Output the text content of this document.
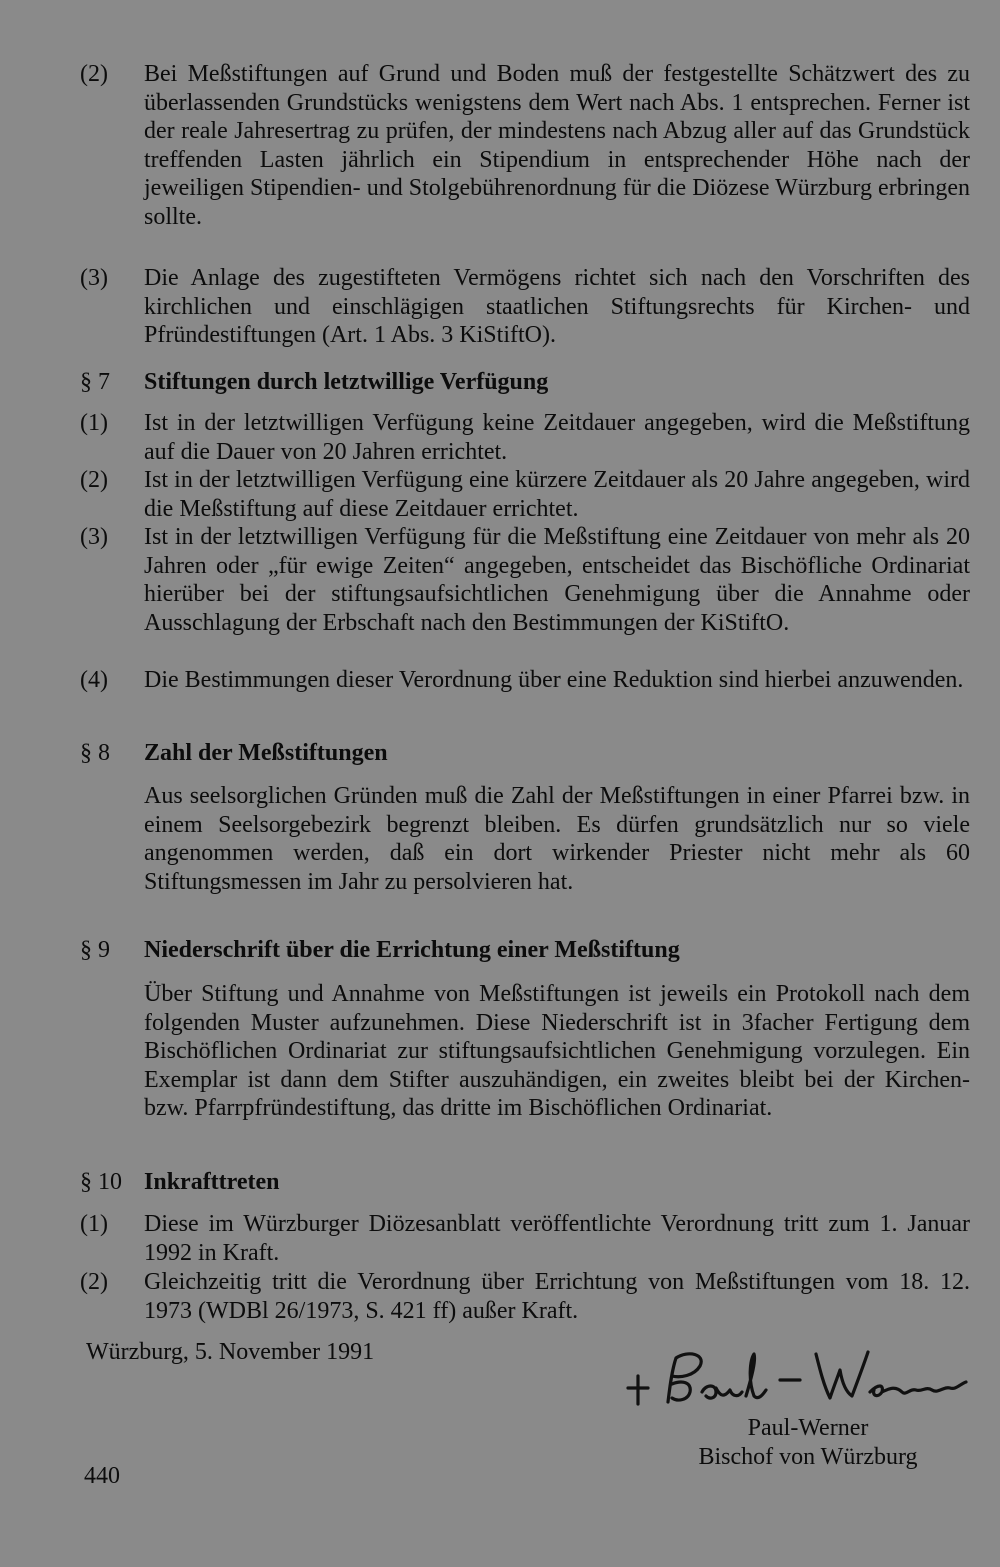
(2)	Bei Meßstiftungen auf Grund und Boden muß der festgestellte Schätzwert des zu überlassenden Grundstücks wenigstens dem Wert nach Abs. 1 entsprechen. Ferner ist der reale Jahresertrag zu prüfen, der mindestens nach Abzug aller auf das Grundstück treffenden Lasten jährlich ein Stipendium in entsprechender Höhe nach der jeweiligen Stipendien- und Stolgebührenordnung für die Diözese Würzburg erbringen sollte.
(3)	Die Anlage des zugestifteten Vermögens richtet sich nach den Vorschriften des kirchlichen und einschlägigen staatlichen Stiftungsrechts für Kirchen- und Pfründestiftungen (Art. 1 Abs. 3 KiStiftO).
§ 7	Stiftungen durch letztwillige Verfügung
(1)	Ist in der letztwilligen Verfügung keine Zeitdauer angegeben, wird die Meßstiftung auf die Dauer von 20 Jahren errichtet.
(2)	Ist in der letztwilligen Verfügung eine kürzere Zeitdauer als 20 Jahre angegeben, wird die Meßstiftung auf diese Zeitdauer errichtet.
(3)	Ist in der letztwilligen Verfügung für die Meßstiftung eine Zeitdauer von mehr als 20 Jahren oder „für ewige Zeiten“ angegeben, entscheidet das Bischöfliche Ordinariat hierüber bei der stiftungsaufsichtlichen Genehmigung über die Annahme oder Ausschlagung der Erbschaft nach den Bestimmungen der KiStiftO.
(4)	Die Bestimmungen dieser Verordnung über eine Reduktion sind hierbei anzuwenden.
§ 8	Zahl der Meßstiftungen
Aus seelsorglichen Gründen muß die Zahl der Meßstiftungen in einer Pfarrei bzw. in einem Seelsorgebezirk begrenzt bleiben. Es dürfen grundsätzlich nur so viele angenommen werden, daß ein dort wirkender Priester nicht mehr als 60 Stiftungsmessen im Jahr zu persolvieren hat.
§ 9	Niederschrift über die Errichtung einer Meßstiftung
Über Stiftung und Annahme von Meßstiftungen ist jeweils ein Protokoll nach dem folgenden Muster aufzunehmen. Diese Niederschrift ist in 3facher Fertigung dem Bischöflichen Ordinariat zur stiftungsaufsichtlichen Genehmigung vorzulegen. Ein Exemplar ist dann dem Stifter auszuhändigen, ein zweites bleibt bei der Kirchen- bzw. Pfarrpfründestiftung, das dritte im Bischöflichen Ordinariat.
§ 10 Inkrafttreten
(1)	Diese im Würzburger Diözesanblatt veröffentlichte Verordnung tritt zum 1. Januar 1992 in Kraft.
(2)	Gleichzeitig tritt die Verordnung über Errichtung von Meßstiftungen vom 18. 12. 1973 (WDBl 26/1973, S. 421 ff) außer Kraft.
Würzburg, 5. November 1991
Paul-Werner
Bischof von Würzburg
440
